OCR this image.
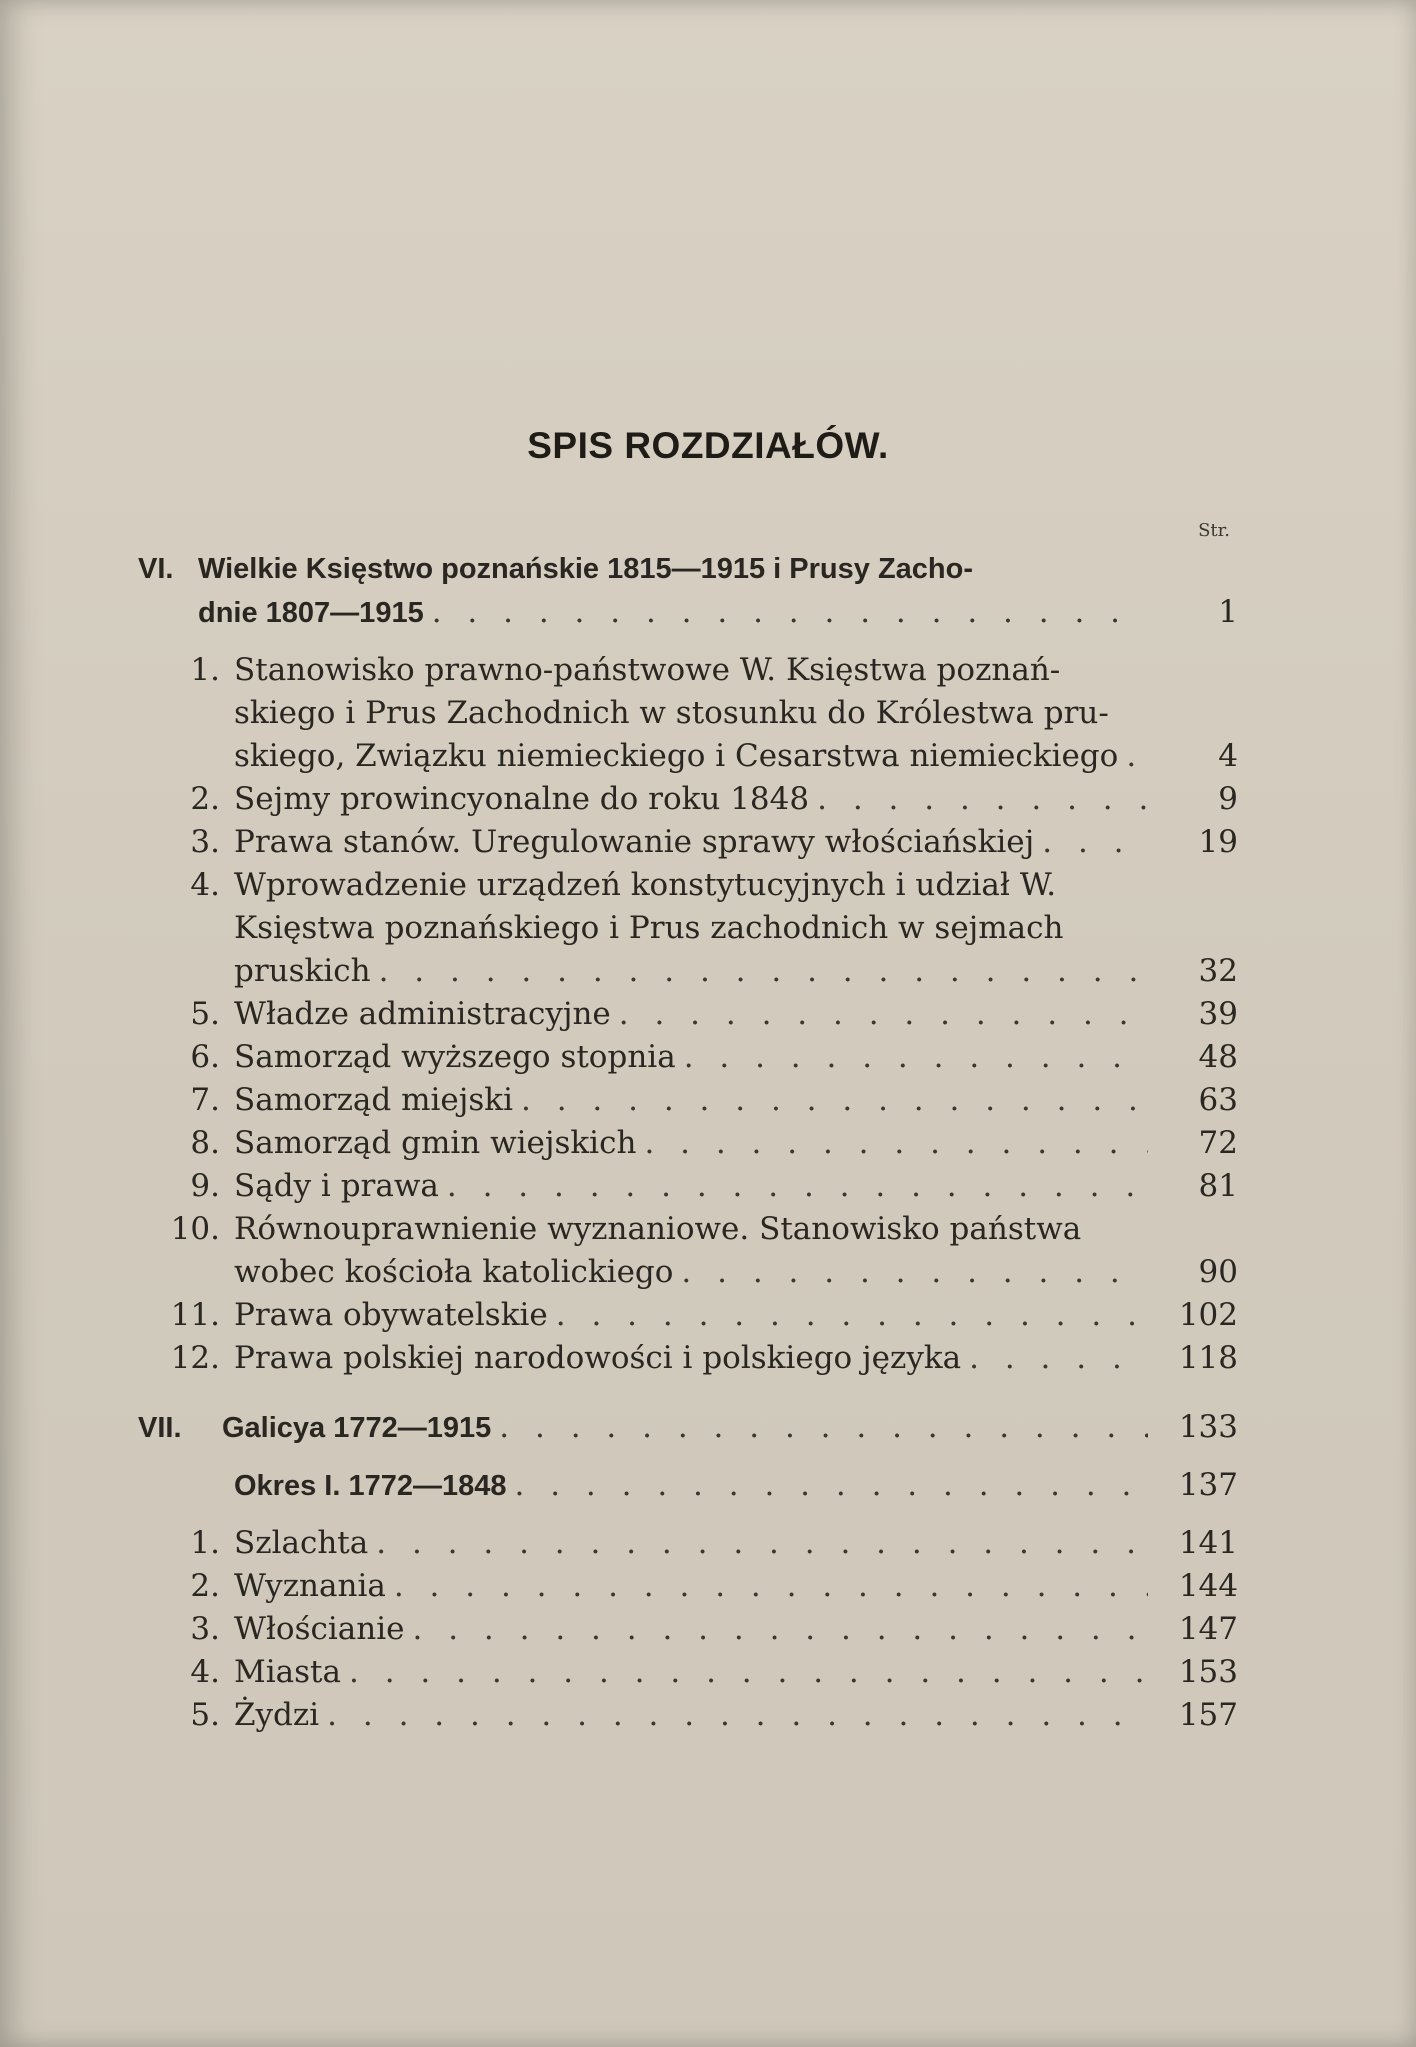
SPIS ROZDZIAŁÓW.
Str.
VI. Wielkie Księstwo poznańskie 1815—1915 i Prusy Zacho-
dnie 1807—1915 . . .	1
1. Stanowisko prawno-państwowe W. Księstwa poznań-
skiego i Prus Zachodnich w stosunku do Królestwa pru-
skiego, Związku niemieckiego i Cesarstwa niemieckiego . . .	4
2. Sejmy prowincyonalne do roku 1848 . . .	9
3. Prawa stanów. Uregulowanie sprawy włościańskiej . . .	19
4. Wprowadzenie urządzeń konstytucyjnych i udział W.
Księstwa poznańskiego i Prus zachodnich w sejmach
pruskich . . .	32
5. Władze administracyjne . . .	39
6. Samorząd wyższego stopnia . . .	48
7. Samorząd miejski . . .	63
8. Samorząd gmin wiejskich . . .	72
9. Sądy i prawa . . .	81
10. Równouprawnienie wyznaniowe. Stanowisko państwa
wobec kościoła katolickiego . . .	90
11. Prawa obywatelskie . . .	102
12. Prawa polskiej narodowości i polskiego języka . . .	118
VII.	Galicya 1772—1915 . . .	133
Okres I. 1772—1848 . . .	137
1. Szlachta . . .	141
2. Wyznania . . .	144
3. Włościanie . . .	147
4. Miasta . . .	153
5. Żydzi . . .	157
